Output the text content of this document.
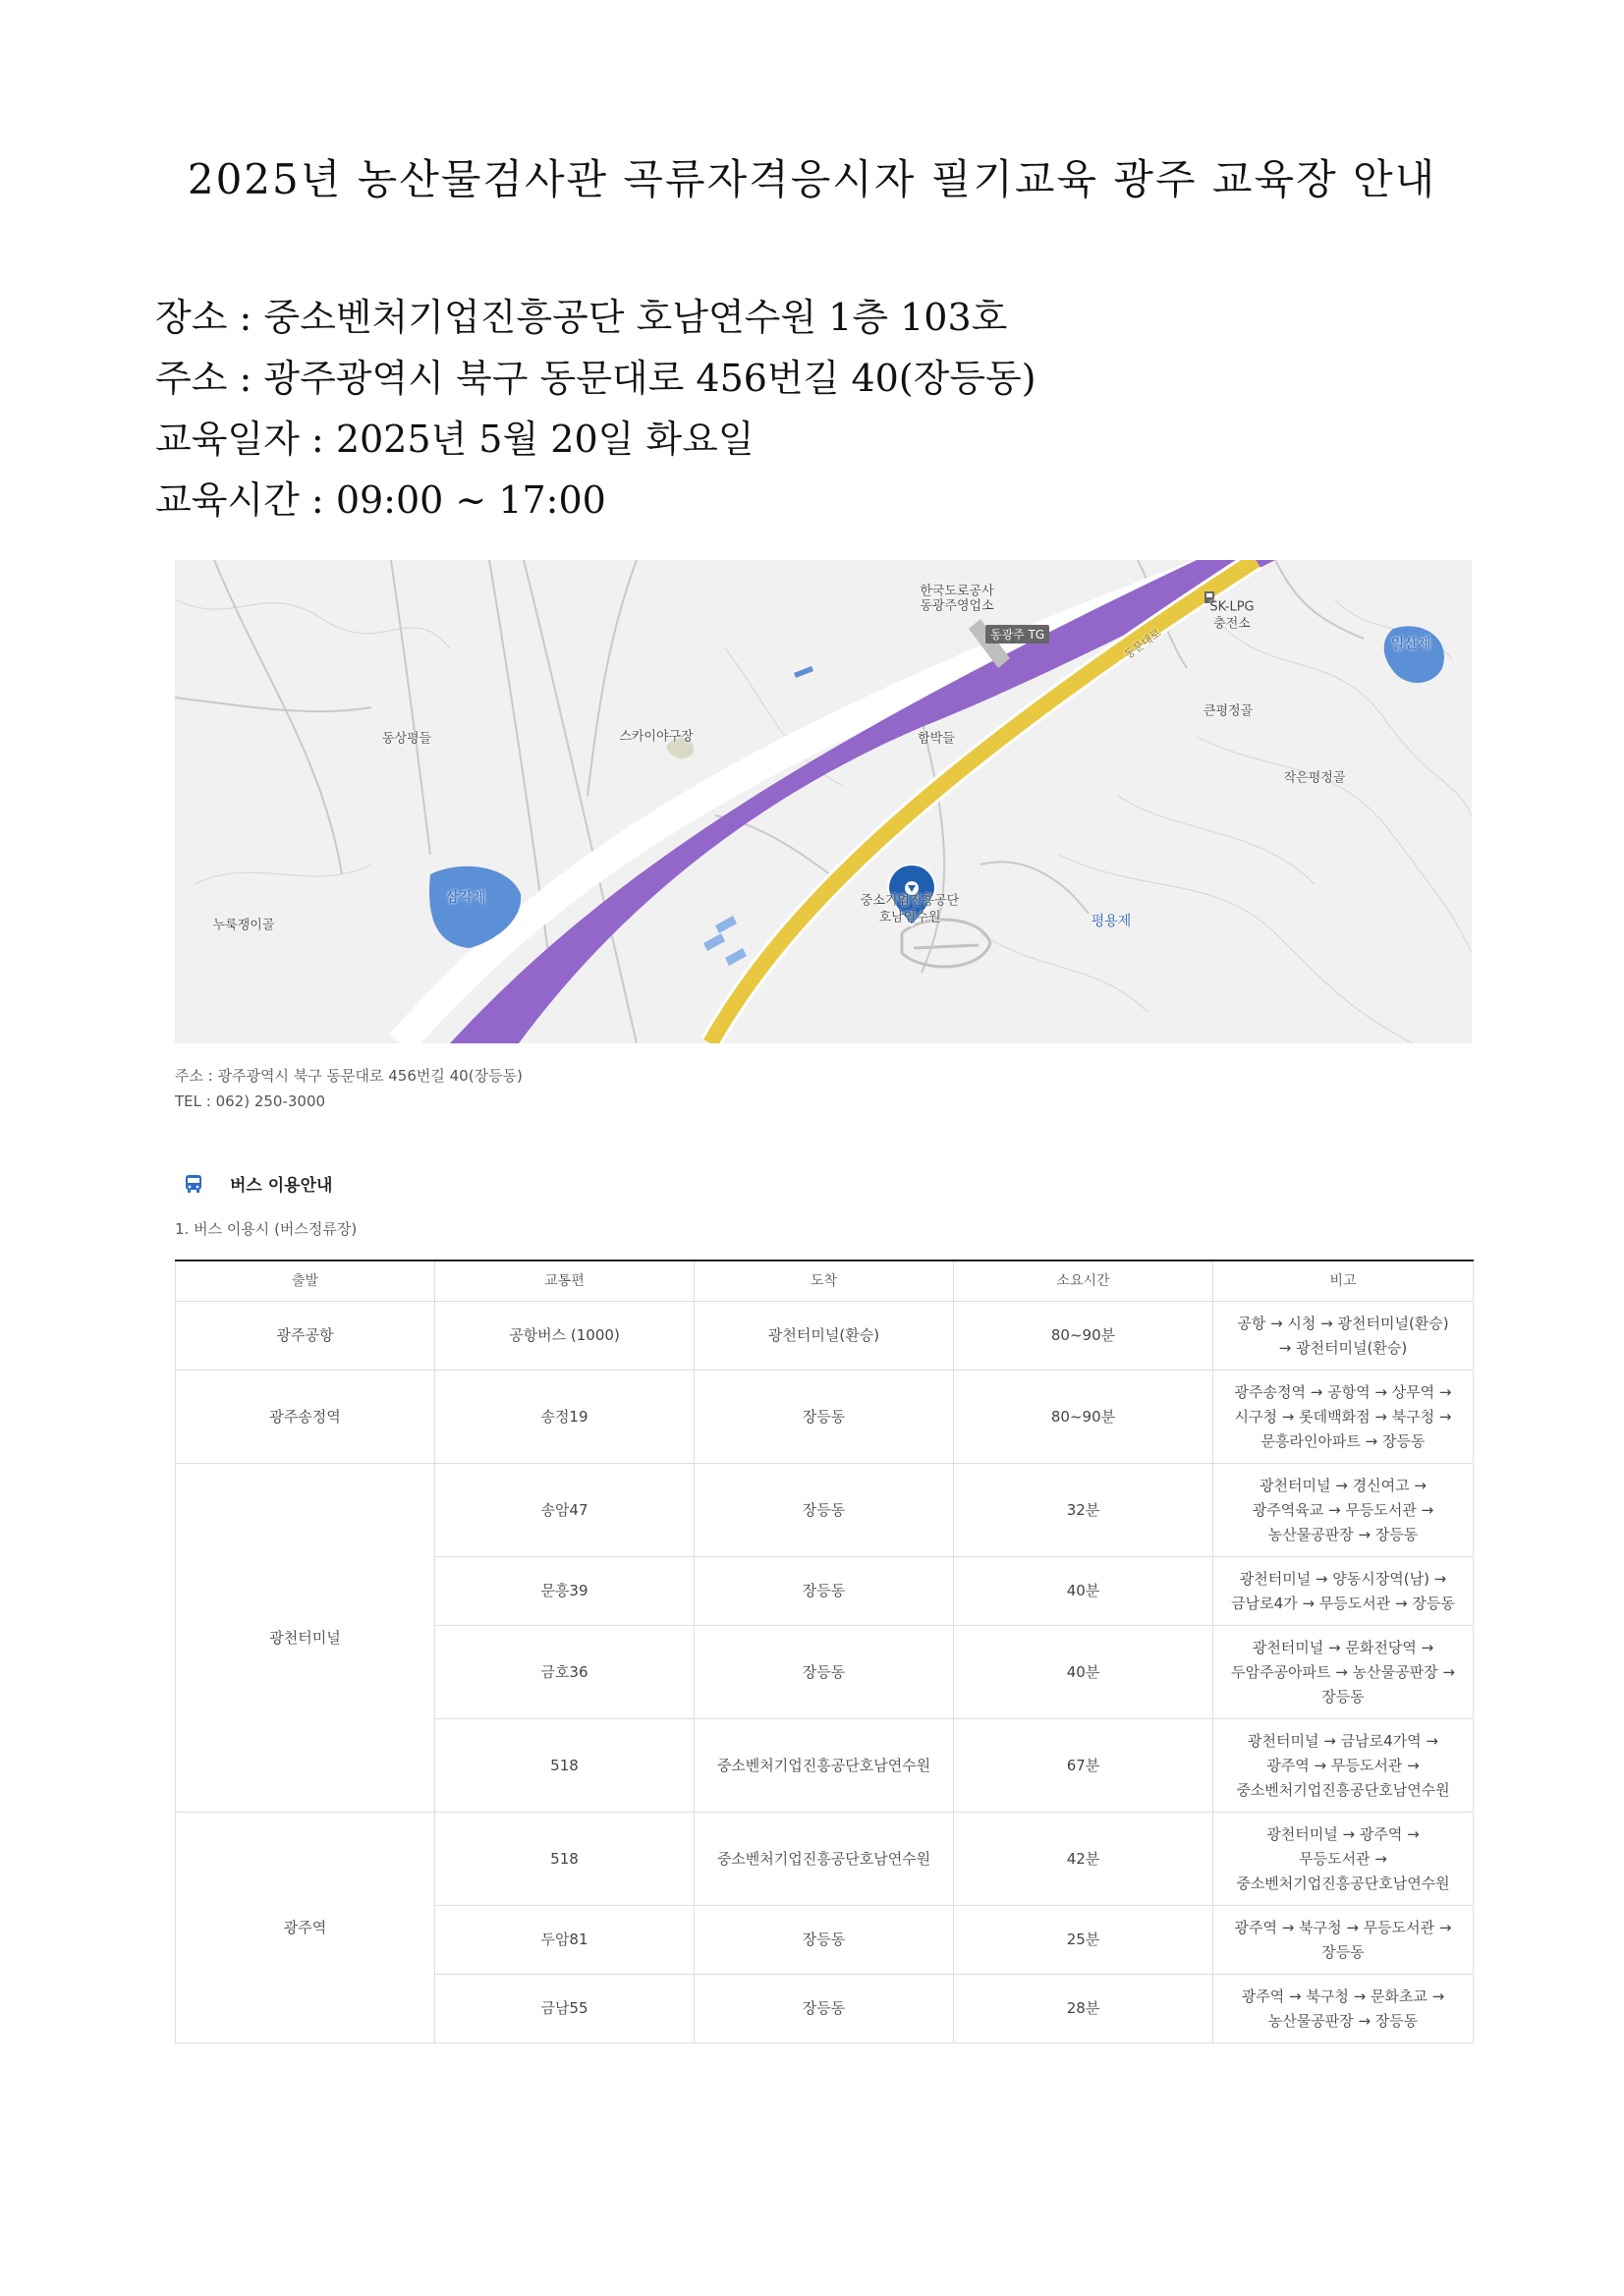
2025년 농산물검사관 곡류자격응시자 필기교육 광주 교육장 안내
장소 : 중소벤처기업진흥공단 호남연수원 1층 103호
주소 : 광주광역시 북구 동문대로 456번길 40(장등동)
교육일자 : 2025년 5월 20일 화요일
교육시간 : 09:00 ~ 17:00
한국도로공사
동광주영업소	SK-LPG
충전소
일산제
큰평정골
작은평정골
동상평들	스카이야구장	함박들
삼각제
누룩쟁이골
중소기업진흥공단
호남연수원	평용제
동문대로
동광주 TG
주소 : 광주광역시 북구 동문대로 456번길 40(장등동)
TEL : 062) 250-3000
버스 이용안내
1. 버스 이용시 (버스정류장)
출발	교통편	도착	소요시간	비고
광주공항	공항버스 (1000)	광천터미널(환승)	80~90분	공항 → 시청 → 광천터미널(환승)
→ 광천터미널(환승)

광주송정역	송정19	장등동	80~90분	광주송정역 → 공항역 → 상무역 →
시구청 → 롯데백화점 → 북구청 →
문흥라인아파트 → 장등동

광천터미널	송암47	장등동	32분	광천터미널 → 경신여고 →
광주역육교 → 무등도서관 →
농산물공판장 → 장등동

	문흥39	장등동	40분	광천터미널 → 양동시장역(남) →
금남로4가 → 무등도서관 → 장등동

	금호36	장등동	40분	광천터미널 → 문화전당역 →
두암주공아파트 → 농산물공판장 →
장등동

	518	중소벤처기업진흥공단호남연수원	67분	광천터미널 → 금남로4가역 →
광주역 → 무등도서관 →
중소벤처기업진흥공단호남연수원

광주역	518	중소벤처기업진흥공단호남연수원	42분	광천터미널 → 광주역 →
무등도서관 →
중소벤처기업진흥공단호남연수원

	두암81	장등동	25분	광주역 → 북구청 → 무등도서관 →
장등동

	금남55	장등동	28분	광주역 → 북구청 → 문화초교 →
농산물공판장 → 장등동
